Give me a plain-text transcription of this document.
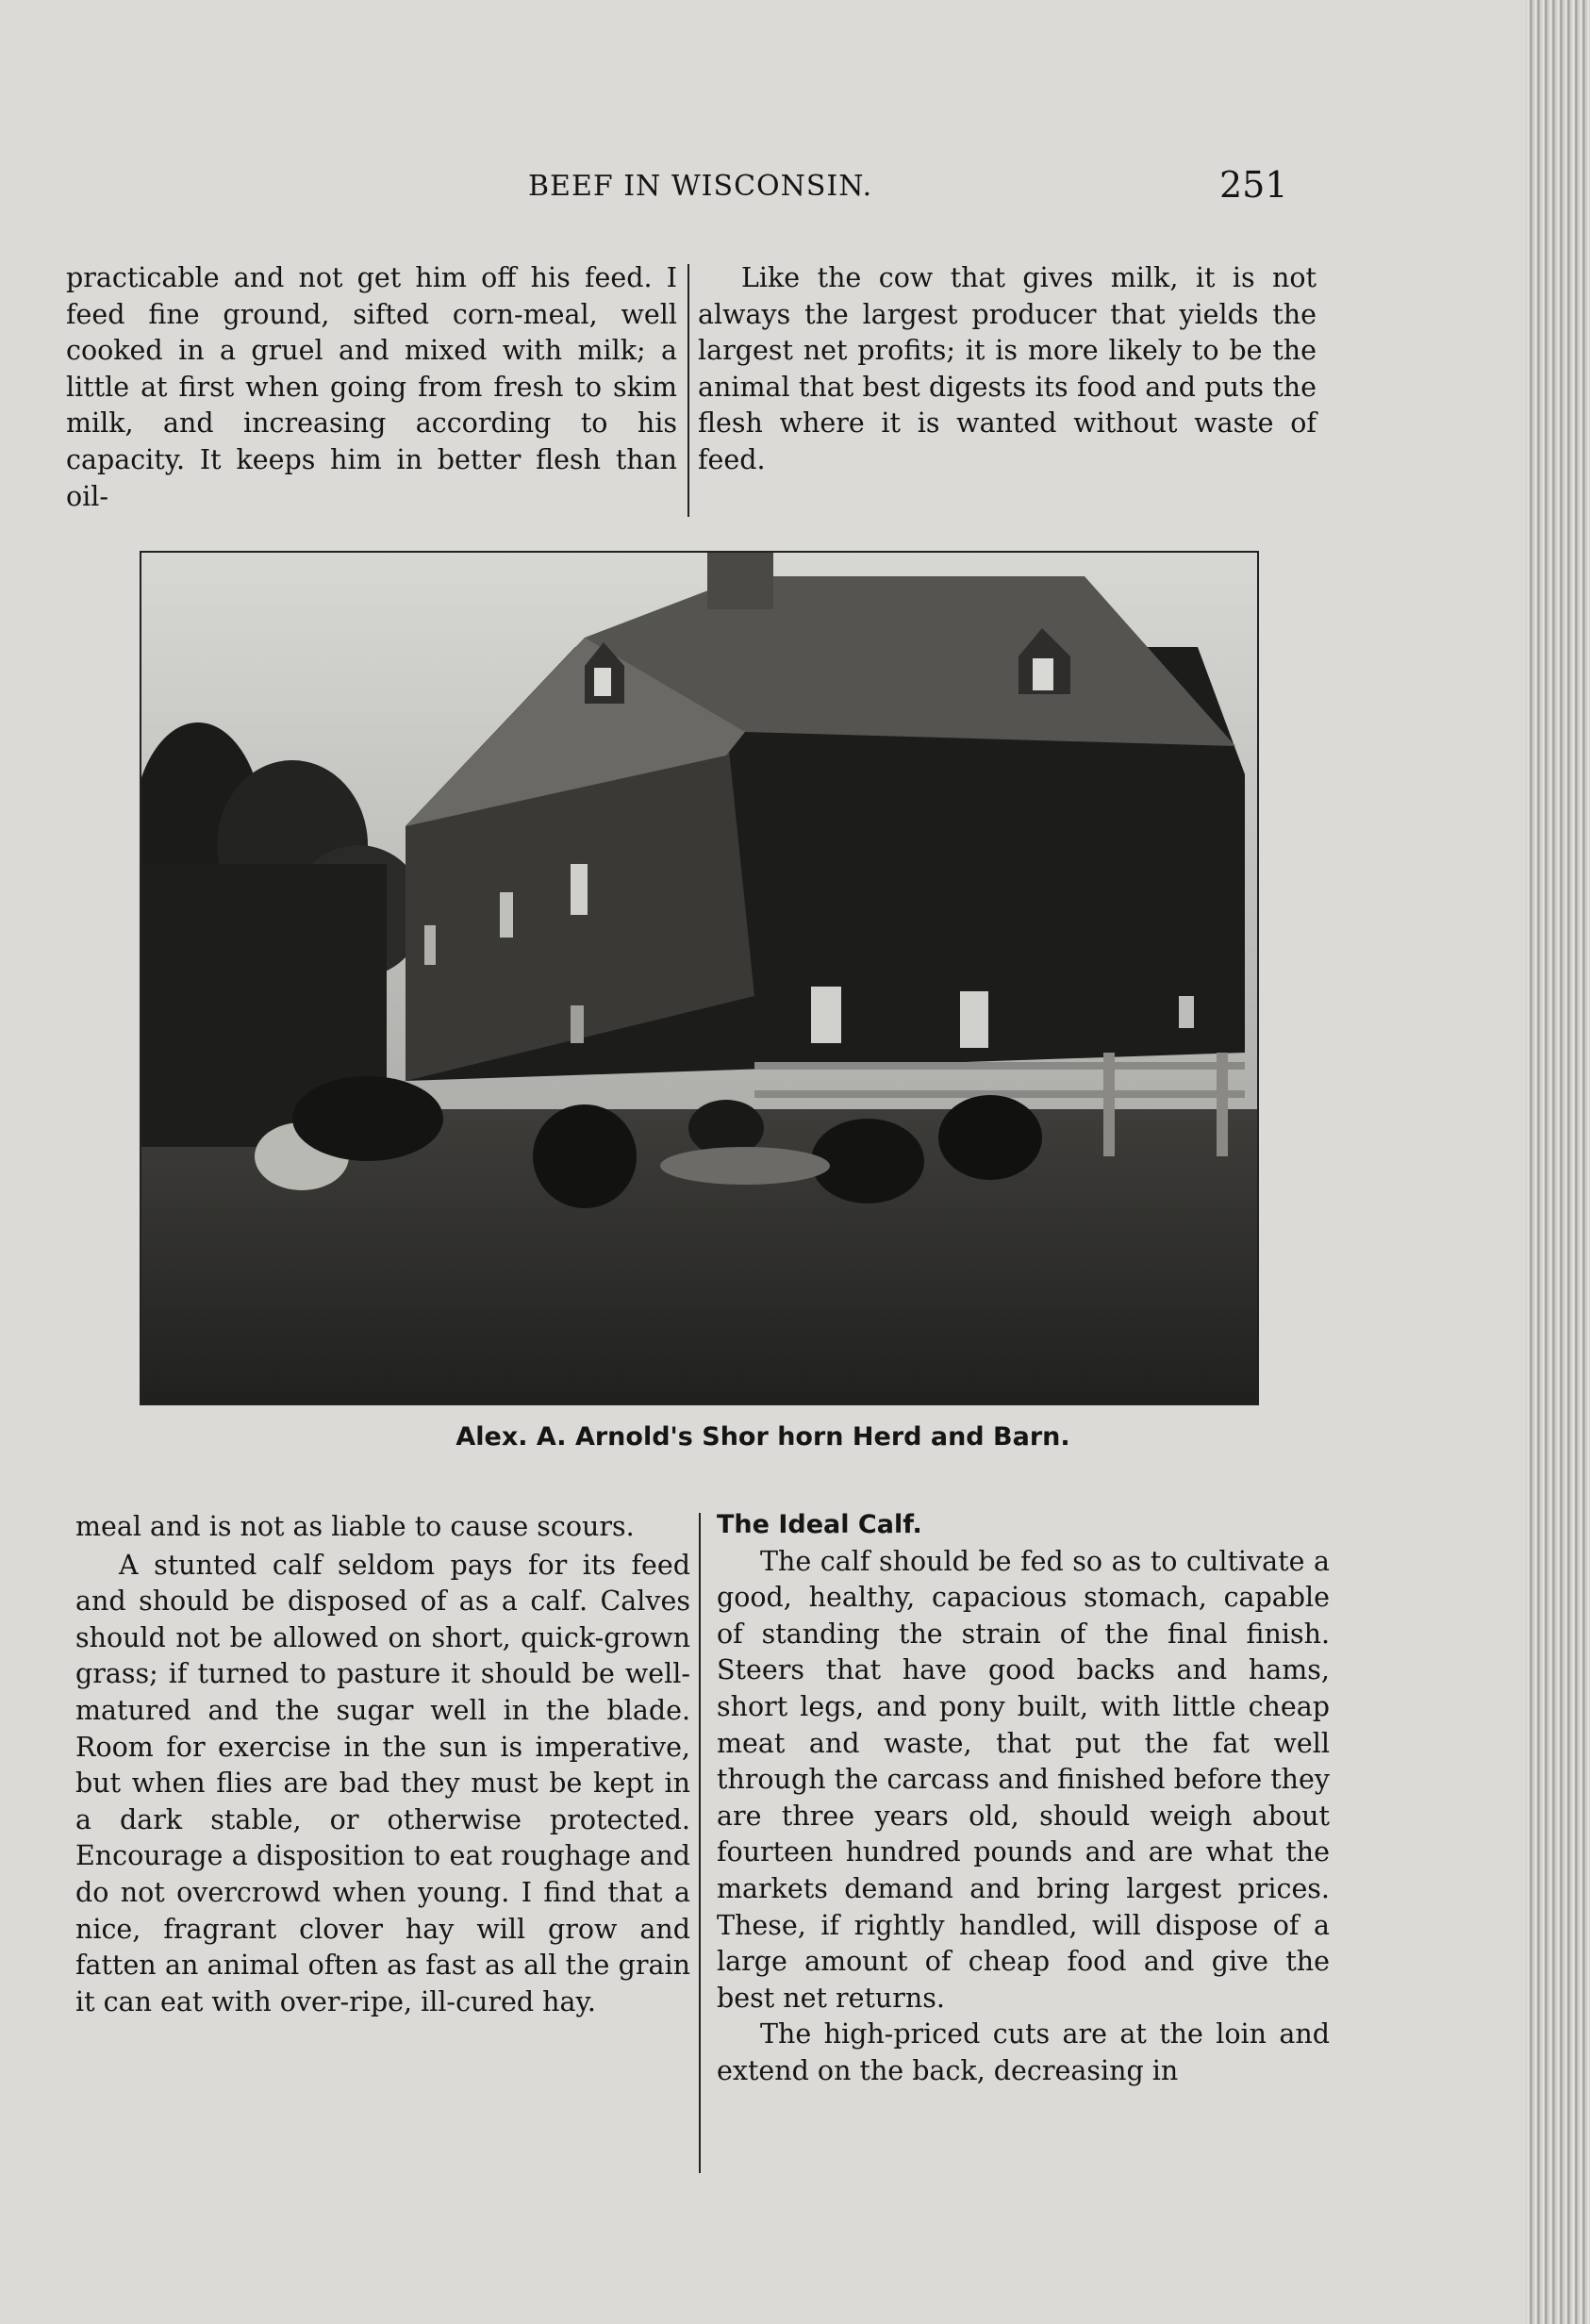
BEEF IN WISCONSIN.	251

practicable and not get him off his feed. I feed fine ground, sifted corn-meal, well cooked in a gruel and mixed with milk; a little at first when going from fresh to skim milk, and increasing according to his capacity. It keeps him in better flesh than oil-

Like the cow that gives milk, it is not always the largest producer that yields the largest net profits; it is more likely to be the animal that best digests its food and puts the flesh where it is wanted without waste of feed.

Alex. A. Arnold's Shor horn Herd and Barn.

meal and is not as liable to cause scours.

A stunted calf seldom pays for its feed and should be disposed of as a calf. Calves should not be allowed on short, quick-grown grass; if turned to pasture it should be well-matured and the sugar well in the blade. Room for exercise in the sun is imperative, but when flies are bad they must be kept in a dark stable, or otherwise protected. Encourage a disposition to eat roughage and do not overcrowd when young. I find that a nice, fragrant clover hay will grow and fatten an animal often as fast as all the grain it can eat with over-ripe, ill-cured hay.

The Ideal Calf.

The calf should be fed so as to cultivate a good, healthy, capacious stomach, capable of standing the strain of the final finish. Steers that have good backs and hams, short legs, and pony built, with little cheap meat and waste, that put the fat well through the carcass and finished before they are three years old, should weigh about fourteen hundred pounds and are what the markets demand and bring largest prices. These, if rightly handled, will dispose of a large amount of cheap food and give the best net returns.

The high-priced cuts are at the loin and extend on the back, decreasing in
